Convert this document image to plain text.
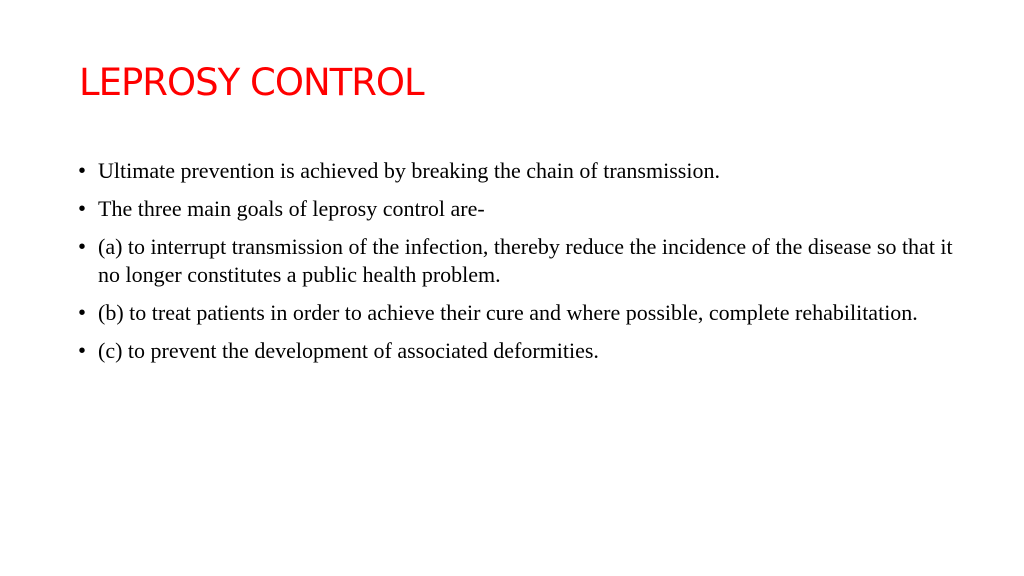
LEPROSY CONTROL
• Ultimate prevention is achieved by breaking the chain of transmission.
• The three main goals of leprosy control are-
• (a) to interrupt transmission of the infection, thereby reduce the incidence of the disease so that it no longer constitutes a public health problem.
• (b) to treat patients in order to achieve their cure and where possible, complete rehabilitation.
• (c) to prevent the development of associated deformities.
